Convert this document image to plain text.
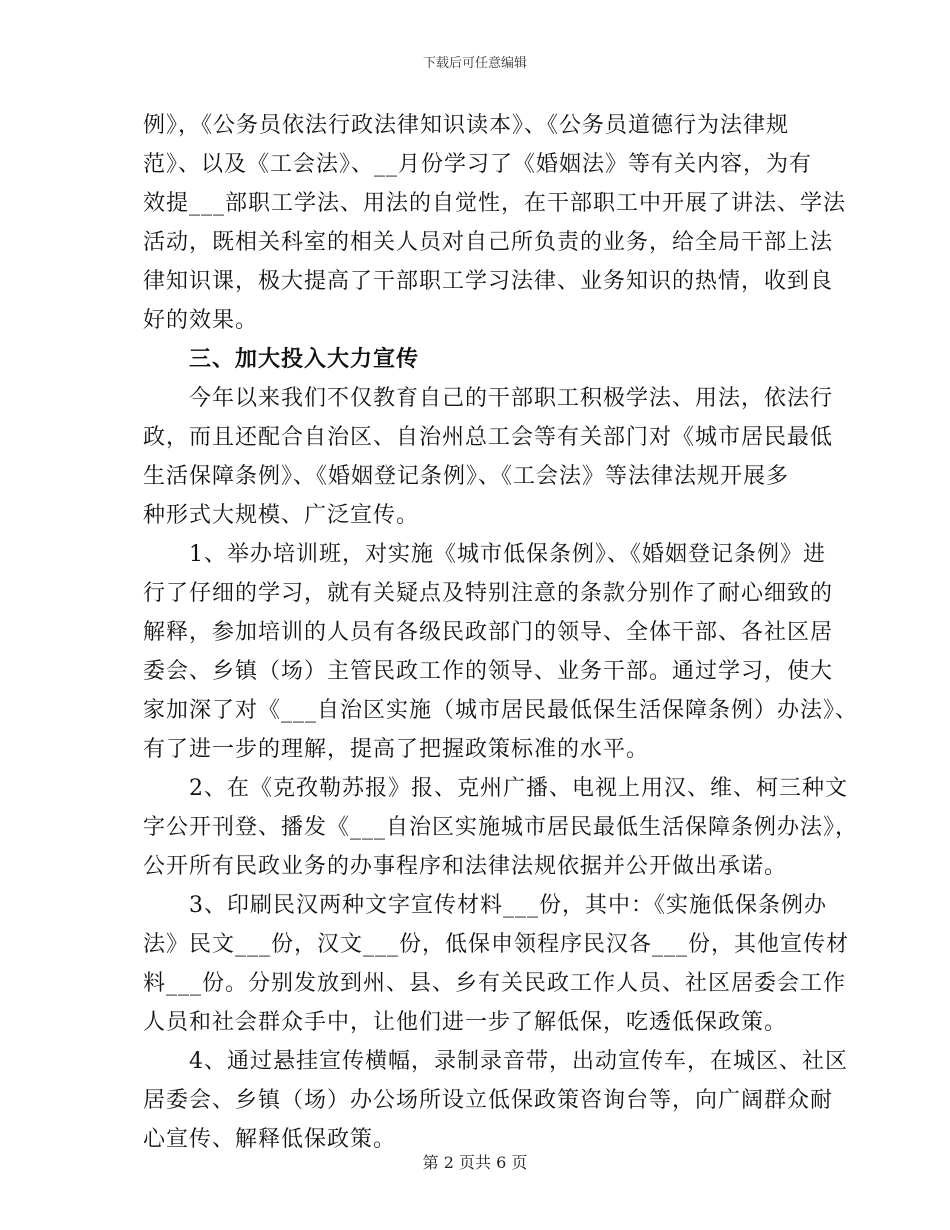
下载后可任意编辑
例》，《公务员依法行政法律知识读本》、《公务员道德行为法律规
范》、以及《工会法》、__月份学习了《婚姻法》等有关内容，为有
效提___部职工学法、用法的自觉性，在干部职工中开展了讲法、学法
活动，既相关科室的相关人员对自己所负责的业务，给全局干部上法
律知识课，极大提高了干部职工学习法律、业务知识的热情，收到良
好的效果。
　　三、加大投入大力宣传
　　今年以来我们不仅教育自己的干部职工积极学法、用法，依法行
政，而且还配合自治区、自治州总工会等有关部门对《城市居民最低
生活保障条例》、《婚姻登记条例》、《工会法》等法律法规开展多
种形式大规模、广泛宣传。
　　1、举办培训班，对实施《城市低保条例》、《婚姻登记条例》进
行了仔细的学习，就有关疑点及特别注意的条款分别作了耐心细致的
解释，参加培训的人员有各级民政部门的领导、全体干部、各社区居
委会、乡镇（场）主管民政工作的领导、业务干部。通过学习，使大
家加深了对《___自治区实施（城市居民最低保生活保障条例）办法》、
有了进一步的理解，提高了把握政策标准的水平。
　　2、在《克孜勒苏报》报、克州广播、电视上用汉、维、柯三种文
字公开刊登、播发《___自治区实施城市居民最低生活保障条例办法》，
公开所有民政业务的办事程序和法律法规依据并公开做出承诺。
　　3、印刷民汉两种文字宣传材料___份，其中：《实施低保条例办
法》民文___份，汉文___份，低保申领程序民汉各___份，其他宣传材
料___份。分别发放到州、县、乡有关民政工作人员、社区居委会工作
人员和社会群众手中，让他们进一步了解低保，吃透低保政策。
　　4、通过悬挂宣传横幅，录制录音带，出动宣传车，在城区、社区
居委会、乡镇（场）办公场所设立低保政策咨询台等，向广阔群众耐
心宣传、解释低保政策。
第 2 页共 6 页
